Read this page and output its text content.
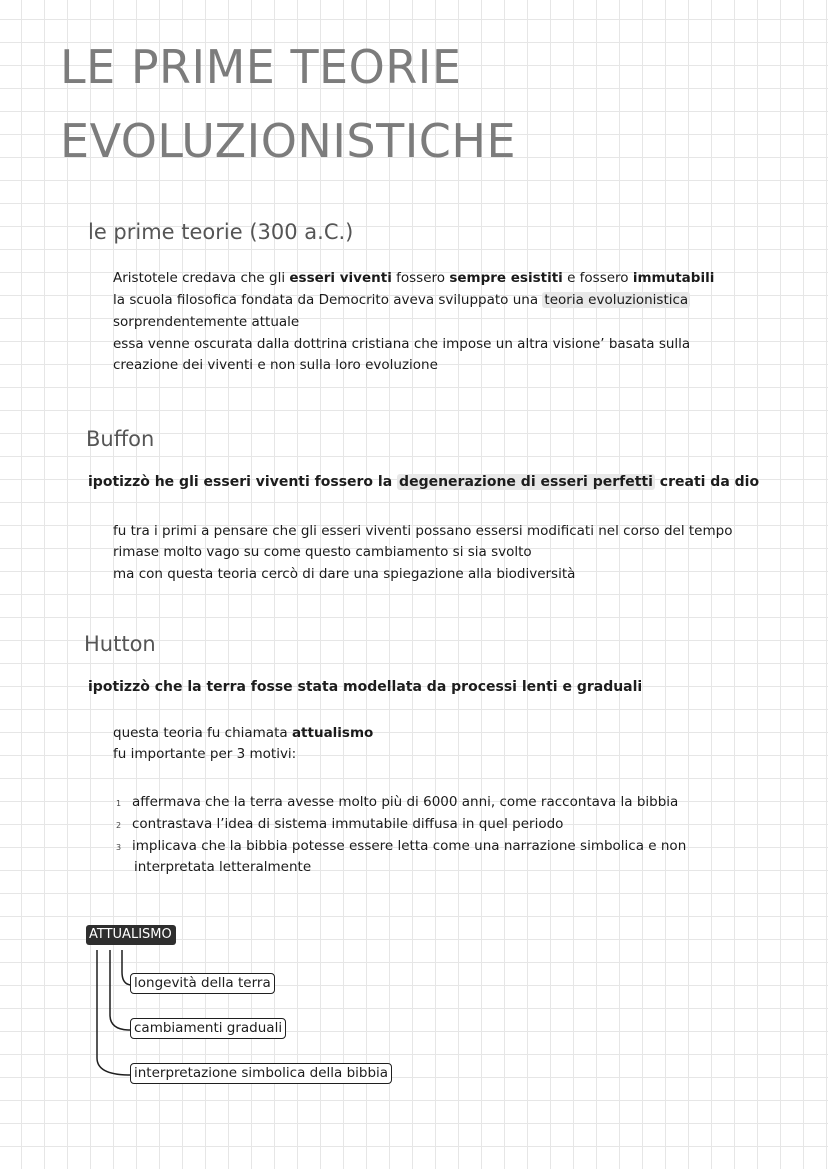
LE PRIME TEORIE
EVOLUZIONISTICHE
le prime teorie (300 a.C.)
Aristotele credava che gli esseri viventi fossero sempre esistiti e fossero immutabili
la scuola filosofica fondata da Democrito aveva sviluppato una teoria evoluzionistica
sorprendentemente attuale
essa venne oscurata dalla dottrina cristiana che impose un altra visione’ basata sulla
creazione dei viventi e non sulla loro evoluzione
Buffon
ipotizzò he gli esseri viventi fossero la degenerazione di esseri perfetti creati da dio
fu tra i primi a pensare che gli esseri viventi possano essersi modificati nel corso del tempo
rimase molto vago su come questo cambiamento si sia svolto
ma con questa teoria cercò di dare una spiegazione alla biodiversità
Hutton
ipotizzò che la terra fosse stata modellata da processi lenti e graduali
questa teoria fu chiamata attualismo
fu importante per 3 motivi:
1 affermava che la terra avesse molto più di 6000 anni, come raccontava la bibbia
2 contrastava l’idea di sistema immutabile diffusa in quel periodo
3 implicava che la bibbia potesse essere letta come una narrazione simbolica e non
interpretata letteralmente
ATTUALISMO
longevità della terra
cambiamenti graduali
interpretazione simbolica della bibbia
